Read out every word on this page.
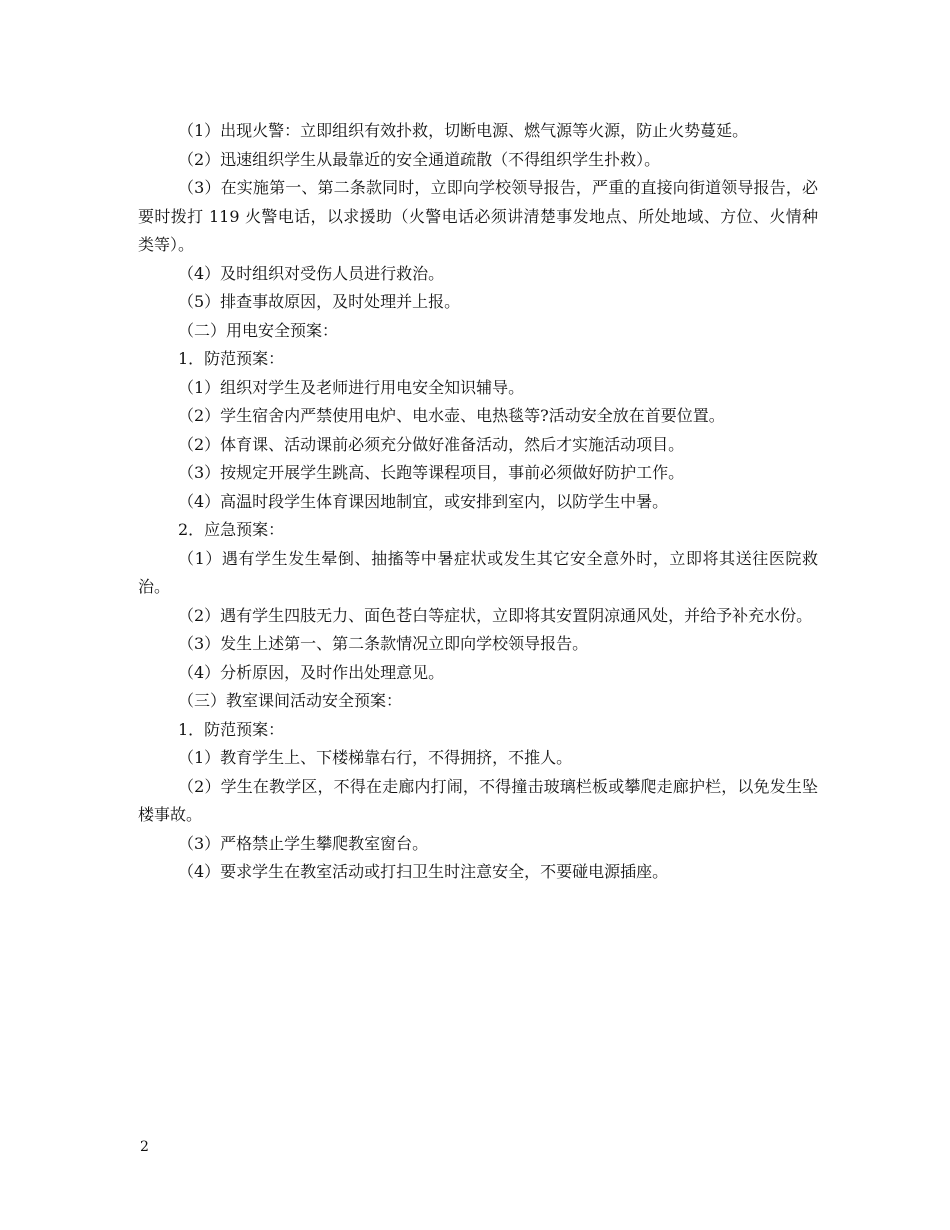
（1）出现火警：立即组织有效扑救，切断电源、燃气源等火源，防止火势蔓延。

（2）迅速组织学生从最靠近的安全通道疏散（不得组织学生扑救）。

（3）在实施第一、第二条款同时，立即向学校领导报告，严重的直接向街道领导报告，必要时拨打 119 火警电话，以求援助（火警电话必须讲清楚事发地点、所处地域、方位、火情种类等）。

（4）及时组织对受伤人员进行救治。

（5）排查事故原因，及时处理并上报。

（二）用电安全预案：

1．防范预案：

（1）组织对学生及老师进行用电安全知识辅导。

（2）学生宿舍内严禁使用电炉、电水壶、电热毯等?活动安全放在首要位置。

（2）体育课、活动课前必须充分做好准备活动，然后才实施活动项目。

（3）按规定开展学生跳高、长跑等课程项目，事前必须做好防护工作。

（4）高温时段学生体育课因地制宜，或安排到室内，以防学生中暑。

2．应急预案：

（1）遇有学生发生晕倒、抽搐等中暑症状或发生其它安全意外时，立即将其送往医院救治。

（2）遇有学生四肢无力、面色苍白等症状，立即将其安置阴凉通风处，并给予补充水份。

（3）发生上述第一、第二条款情况立即向学校领导报告。

（4）分析原因，及时作出处理意见。

（三）教室课间活动安全预案：

1．防范预案：

（1）教育学生上、下楼梯靠右行，不得拥挤，不推人。

（2）学生在教学区，不得在走廊内打闹，不得撞击玻璃栏板或攀爬走廊护栏，以免发生坠楼事故。

（3）严格禁止学生攀爬教室窗台。

（4）要求学生在教室活动或打扫卫生时注意安全，不要碰电源插座。

2
